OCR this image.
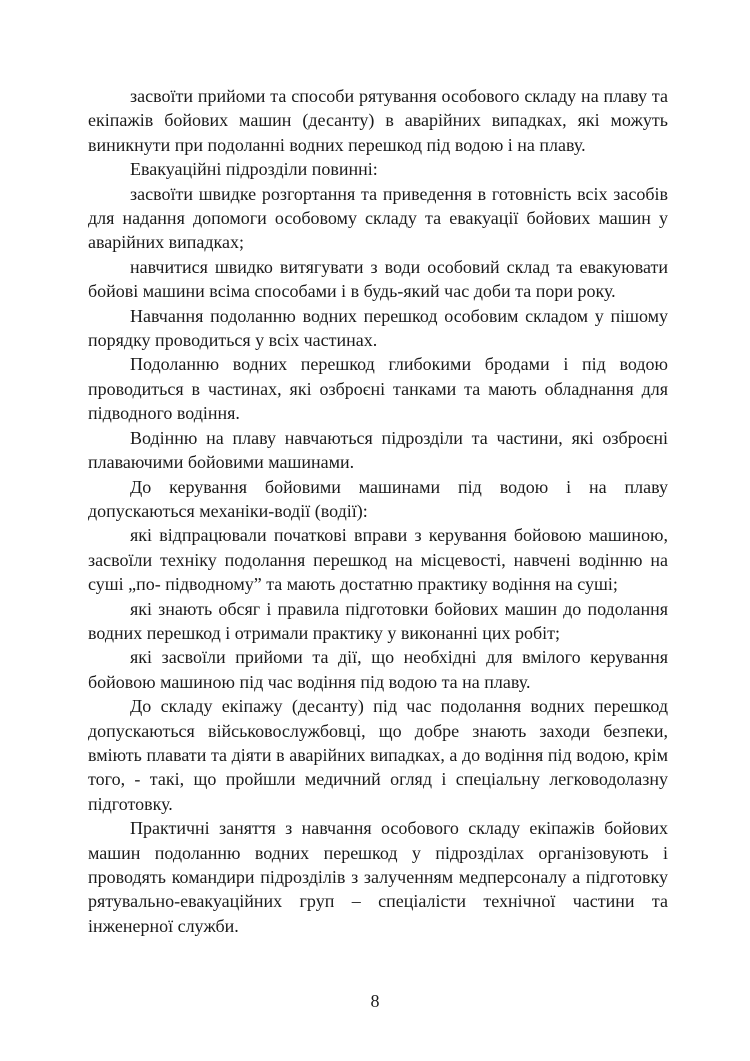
засвоїти прийоми та способи рятування особового складу на плаву та екіпажів бойових машин (десанту) в аварійних випадках, які можуть виникнути при подоланні водних перешкод під водою і на плаву.

Евакуаційні підрозділи повинні:

засвоїти швидке розгортання та приведення в готовність всіх засобів для надання допомоги особовому складу та евакуації бойових машин у аварійних випадках;

навчитися швидко витягувати з води особовий склад та евакуювати бойові машини всіма способами і в будь-який час доби та пори року.

Навчання подоланню водних перешкод особовим складом у пішому порядку проводиться у всіх частинах.

Подоланню водних перешкод глибокими бродами і під водою проводиться в частинах, які озброєні танками та мають обладнання для підводного водіння.

Водінню на плаву навчаються підрозділи та частини, які озброєні плаваючими бойовими машинами.

До керування бойовими машинами під водою і на плаву допускаються механіки-водії (водії):

які відпрацювали початкові вправи з керування бойовою машиною, засвоїли техніку подолання перешкод на місцевості, навчені водінню на суші „по- підводному” та мають достатню практику водіння на суші;

які знають обсяг і правила підготовки бойових машин до подолання водних перешкод і отримали практику у виконанні цих робіт;

які засвоїли прийоми та дії, що необхідні для вмілого керування бойовою машиною під час водіння під водою та на плаву.

До складу екіпажу (десанту) під час подолання водних перешкод допускаються військовослужбовці, що добре знають заходи безпеки, вміють плавати та діяти в аварійних випадках, а до водіння під водою, крім того, - такі, що пройшли медичний огляд і спеціальну легководолазну підготовку.

Практичні заняття з навчання особового складу екіпажів бойових машин подоланню водних перешкод у підрозділах організовують і проводять командири підрозділів з залученням медперсоналу а підготовку рятувально-евакуаційних груп – спеціалісти технічної частини та інженерної служби.

8
